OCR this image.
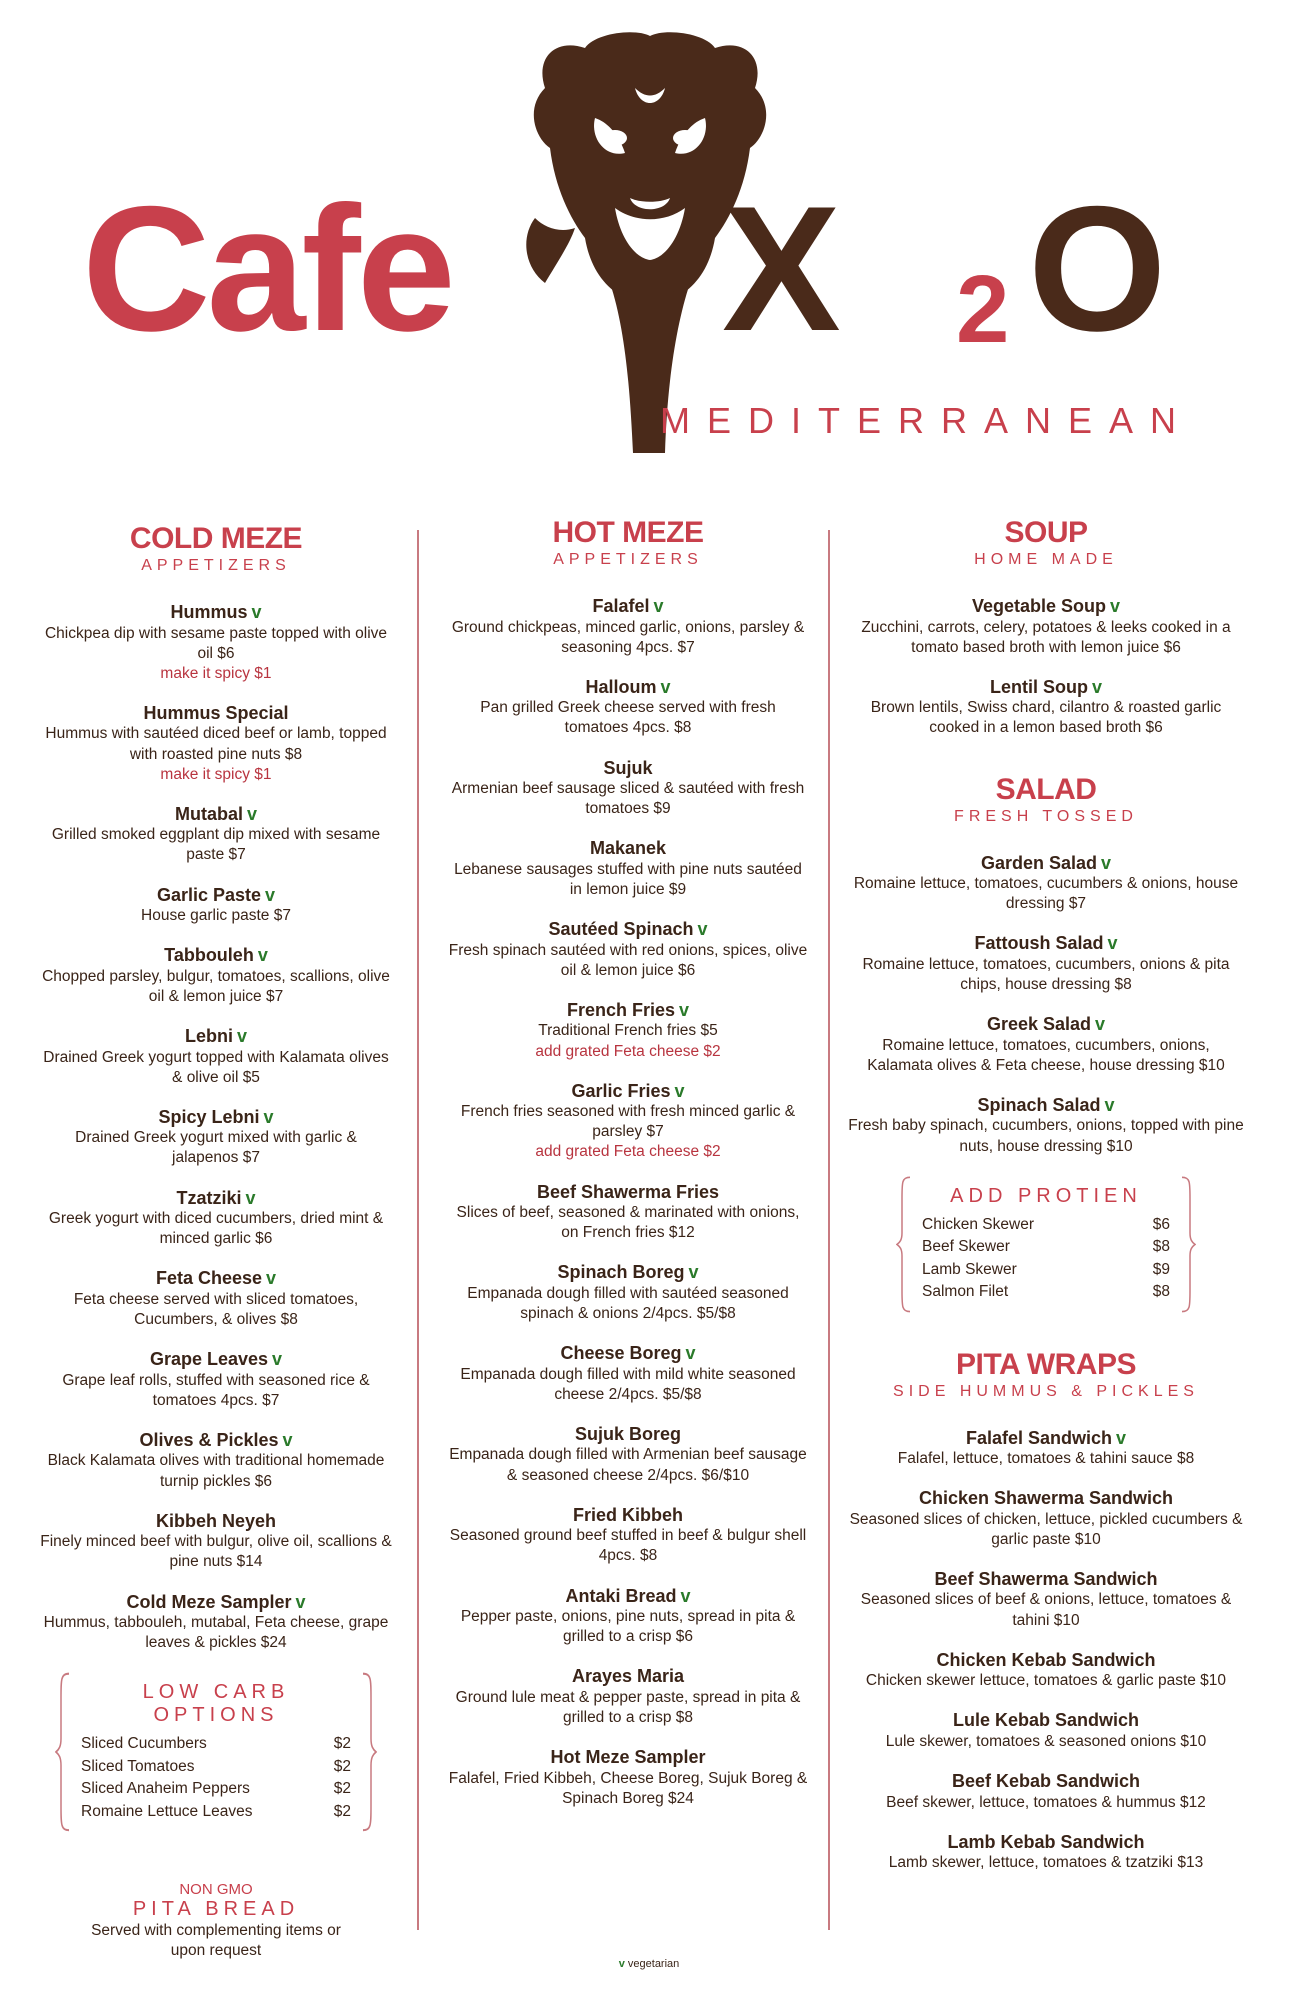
Cafe X 2 O
MEDITERRANEAN
COLD MEZE
APPETIZERS
Hummus v
Chickpea dip with sesame paste topped with olive oil $6
make it spicy $1
Hummus Special
Hummus with sautéed diced beef or lamb, topped with roasted pine nuts $8
make it spicy $1
Mutabal v
Grilled smoked eggplant dip mixed with sesame paste $7
Garlic Paste v
House garlic paste $7
Tabbouleh v
Chopped parsley, bulgur, tomatoes, scallions, olive oil & lemon juice $7
Lebni v
Drained Greek yogurt topped with Kalamata olives & olive oil $5
Spicy Lebni v
Drained Greek yogurt mixed with garlic & jalapenos $7
Tzatziki v
Greek yogurt with diced cucumbers, dried mint & minced garlic $6
Feta Cheese v
Feta cheese served with sliced tomatoes, Cucumbers, & olives $8
Grape Leaves v
Grape leaf rolls, stuffed with seasoned rice & tomatoes 4pcs. $7
Olives & Pickles v
Black Kalamata olives with traditional homemade turnip pickles $6
Kibbeh Neyeh
Finely minced beef with bulgur, olive oil, scallions & pine nuts $14
Cold Meze Sampler v
Hummus, tabbouleh, mutabal, Feta cheese, grape leaves & pickles $24
LOW CARB OPTIONS
Sliced Cucumbers	$2
Sliced Tomatoes	$2
Sliced Anaheim Peppers	$2
Romaine Lettuce Leaves	$2
NON GMO
PITA BREAD
Served with complementing items or upon request
HOT MEZE
APPETIZERS
Falafel v
Ground chickpeas, minced garlic, onions, parsley & seasoning 4pcs. $7
Halloum v
Pan grilled Greek cheese served with fresh tomatoes 4pcs. $8
Sujuk
Armenian beef sausage sliced & sautéed with fresh tomatoes $9
Makanek
Lebanese sausages stuffed with pine nuts sautéed in lemon juice $9
Sautéed Spinach v
Fresh spinach sautéed with red onions, spices, olive oil & lemon juice $6
French Fries v
Traditional French fries $5
add grated Feta cheese $2
Garlic Fries v
French fries seasoned with fresh minced garlic & parsley $7
add grated Feta cheese $2
Beef Shawerma Fries
Slices of beef, seasoned & marinated with onions, on French fries $12
Spinach Boreg v
Empanada dough filled with sautéed seasoned spinach & onions 2/4pcs. $5/$8
Cheese Boreg v
Empanada dough filled with mild white seasoned cheese 2/4pcs. $5/$8
Sujuk Boreg
Empanada dough filled with Armenian beef sausage & seasoned cheese 2/4pcs. $6/$10
Fried Kibbeh
Seasoned ground beef stuffed in beef & bulgur shell 4pcs. $8
Antaki Bread v
Pepper paste, onions, pine nuts, spread in pita & grilled to a crisp $6
Arayes Maria
Ground lule meat & pepper paste, spread in pita & grilled to a crisp $8
Hot Meze Sampler
Falafel, Fried Kibbeh, Cheese Boreg, Sujuk Boreg & Spinach Boreg $24
SOUP
HOME MADE
Vegetable Soup v
Zucchini, carrots, celery, potatoes & leeks cooked in a tomato based broth with lemon juice $6
Lentil Soup v
Brown lentils, Swiss chard, cilantro & roasted garlic cooked in a lemon based broth $6
SALAD
FRESH TOSSED
Garden Salad v
Romaine lettuce, tomatoes, cucumbers & onions, house dressing $7
Fattoush Salad v
Romaine lettuce, tomatoes, cucumbers, onions & pita chips, house dressing $8
Greek Salad v
Romaine lettuce, tomatoes, cucumbers, onions, Kalamata olives & Feta cheese, house dressing $10
Spinach Salad v
Fresh baby spinach, cucumbers, onions, topped with pine nuts, house dressing $10
ADD PROTIEN
Chicken Skewer	$6
Beef Skewer	$8
Lamb Skewer	$9
Salmon Filet	$8
PITA WRAPS
SIDE HUMMUS & PICKLES
Falafel Sandwich v
Falafel, lettuce, tomatoes & tahini sauce $8
Chicken Shawerma Sandwich
Seasoned slices of chicken, lettuce, pickled cucumbers & garlic paste $10
Beef Shawerma Sandwich
Seasoned slices of beef & onions, lettuce, tomatoes & tahini $10
Chicken Kebab Sandwich
Chicken skewer lettuce, tomatoes & garlic paste $10
Lule Kebab Sandwich
Lule skewer, tomatoes & seasoned onions $10
Beef Kebab Sandwich
Beef skewer, lettuce, tomatoes & hummus $12
Lamb Kebab Sandwich
Lamb skewer, lettuce, tomatoes & tzatziki $13
v vegetarian
